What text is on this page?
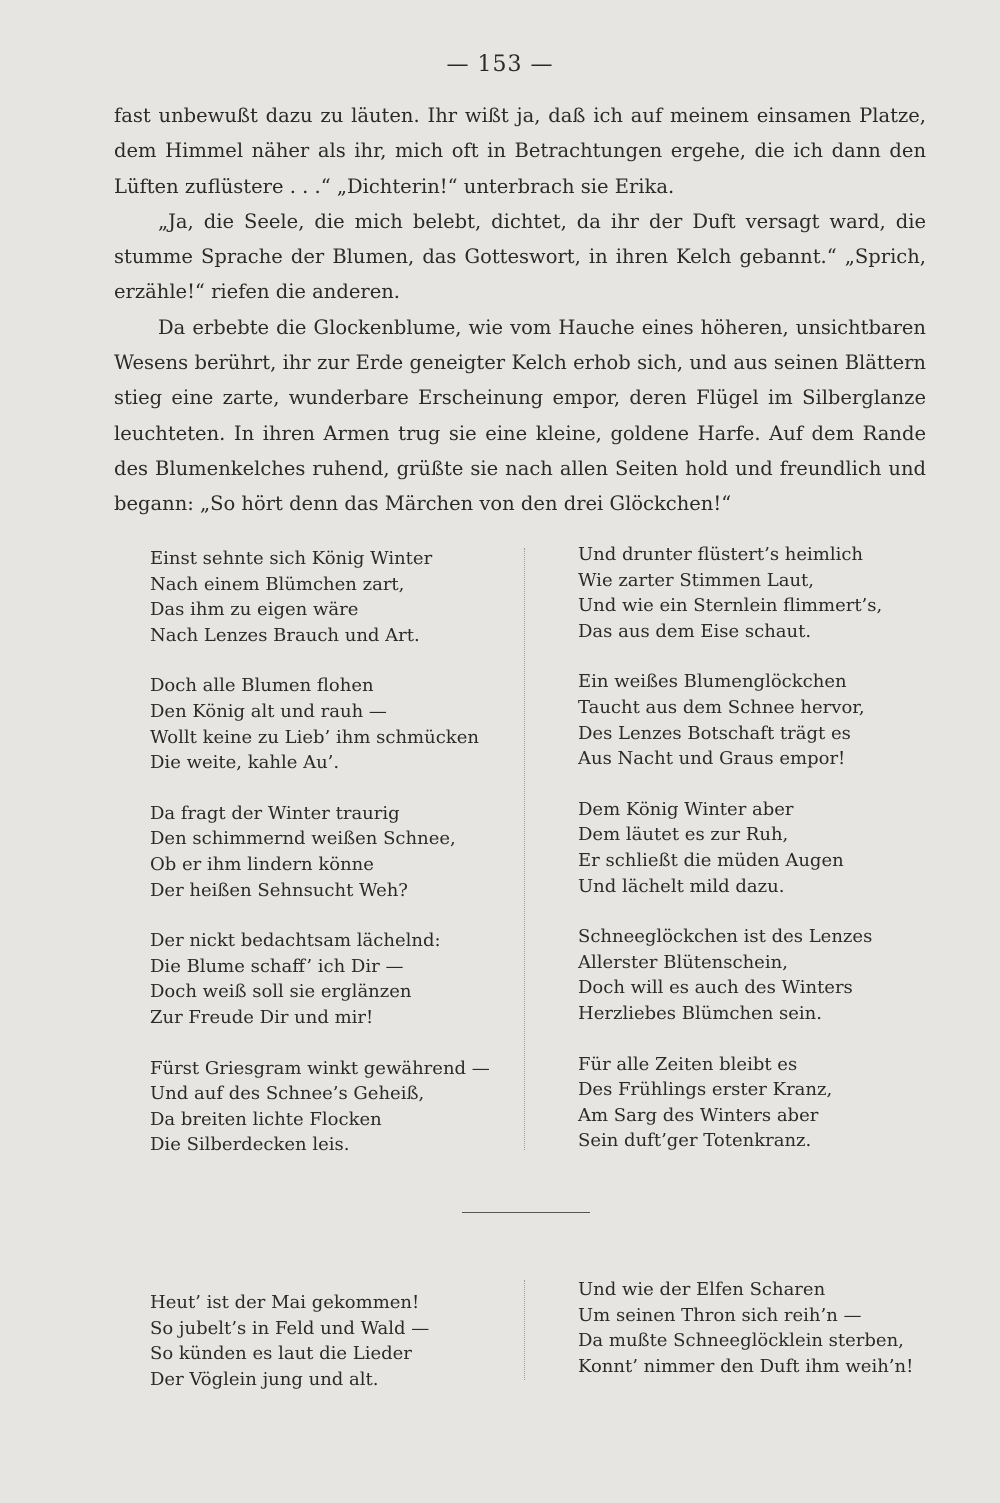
— 153 —

fast unbewußt dazu zu läuten. Ihr wißt ja, daß ich auf meinem einsamen Platze,
dem Himmel näher als ihr, mich oft in Betrachtungen ergehe, die ich dann den
Lüften zuflüstere . . .“ „Dichterin!“ unterbrach sie Erika.

„Ja, die Seele, die mich belebt, dichtet, da ihr der Duft versagt ward, die
stumme Sprache der Blumen, das Gotteswort, in ihren Kelch gebannt.“ „Sprich,
erzähle!“ riefen die anderen.

Da erbebte die Glockenblume, wie vom Hauche eines höheren, unsichtbaren
Wesens berührt, ihr zur Erde geneigter Kelch erhob sich, und aus seinen Blättern
stieg eine zarte, wunderbare Erscheinung empor, deren Flügel im Silberglanze
leuchteten. In ihren Armen trug sie eine kleine, goldene Harfe. Auf dem Rande
des Blumenkelches ruhend, grüßte sie nach allen Seiten hold und freundlich und
begann: „So hört denn das Märchen von den drei Glöckchen!“

Einst sehnte sich König Winter
Nach einem Blümchen zart,
Das ihm zu eigen wäre
Nach Lenzes Brauch und Art.
Doch alle Blumen flohen
Den König alt und rauh —
Wollt keine zu Lieb’ ihm schmücken
Die weite, kahle Au’.
Da fragt der Winter traurig
Den schimmernd weißen Schnee,
Ob er ihm lindern könne
Der heißen Sehnsucht Weh?
Der nickt bedachtsam lächelnd:
Die Blume schaff’ ich Dir —
Doch weiß soll sie erglänzen
Zur Freude Dir und mir!
Fürst Griesgram winkt gewährend —
Und auf des Schnee’s Geheiß,
Da breiten lichte Flocken
Die Silberdecken leis.
Und drunter flüstert’s heimlich
Wie zarter Stimmen Laut,
Und wie ein Sternlein flimmert’s,
Das aus dem Eise schaut.
Ein weißes Blumenglöckchen
Taucht aus dem Schnee hervor,
Des Lenzes Botschaft trägt es
Aus Nacht und Graus empor!
Dem König Winter aber
Dem läutet es zur Ruh,
Er schließt die müden Augen
Und lächelt mild dazu.
Schneeglöckchen ist des Lenzes
Allerster Blütenschein,
Doch will es auch des Winters
Herzliebes Blümchen sein.
Für alle Zeiten bleibt es
Des Frühlings erster Kranz,
Am Sarg des Winters aber
Sein duft’ger Totenkranz.
Heut’ ist der Mai gekommen!
So jubelt’s in Feld und Wald —
So künden es laut die Lieder
Der Vöglein jung und alt.
Und wie der Elfen Scharen
Um seinen Thron sich reih’n —
Da mußte Schneeglöcklein sterben,
Konnt’ nimmer den Duft ihm weih’n!
